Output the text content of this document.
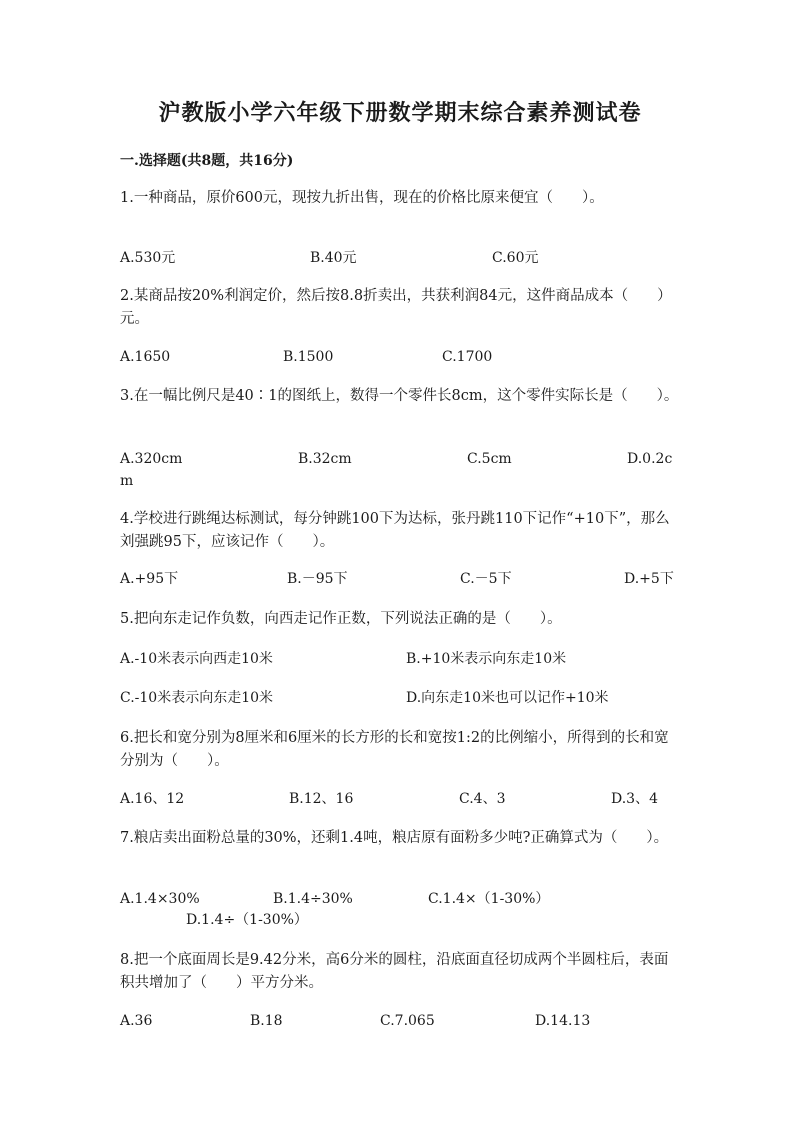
沪教版小学六年级下册数学期末综合素养测试卷
一.选择题(共8题，共16分)
1.一种商品，原价600元，现按九折出售，现在的价格比原来便宜（　　）。
A.530元	B.40元	C.60元
2.某商品按20%利润定价，然后按8.8折卖出，共获利润84元，这件商品成本（　　）元。
A.1650	B.1500	C.1700
3.在一幅比例尺是40∶1的图纸上，数得一个零件长8cm，这个零件实际长是（　　）。
A.320cm	B.32cm	C.5cm	D.0.2c
m
4.学校进行跳绳达标测试，每分钟跳100下为达标，张丹跳110下记作“+10下”，那么刘强跳95下，应该记作（　　）。
A.+95下	B.－95下	C.－5下	D.+5下
5.把向东走记作负数，向西走记作正数，下列说法正确的是（　　）。
A.-10米表示向西走10米	B.+10米表示向东走10米
C.-10米表示向东走10米	D.向东走10米也可以记作+10米
6.把长和宽分别为8厘米和6厘米的长方形的长和宽按1:2的比例缩小，所得到的长和宽分别为（　　）。
A.16、12	B.12、16	C.4、3	D.3、4
7.粮店卖出面粉总量的30%，还剩1.4吨，粮店原有面粉多少吨?正确算式为（　　）。
A.1.4×30%	B.1.4÷30%	C.1.4×（1-30%）
D.1.4÷（1-30%）
8.把一个底面周长是9.42分米，高6分米的圆柱，沿底面直径切成两个半圆柱后，表面积共增加了（　　）平方分米。
A.36	B.18	C.7.065	D.14.13
